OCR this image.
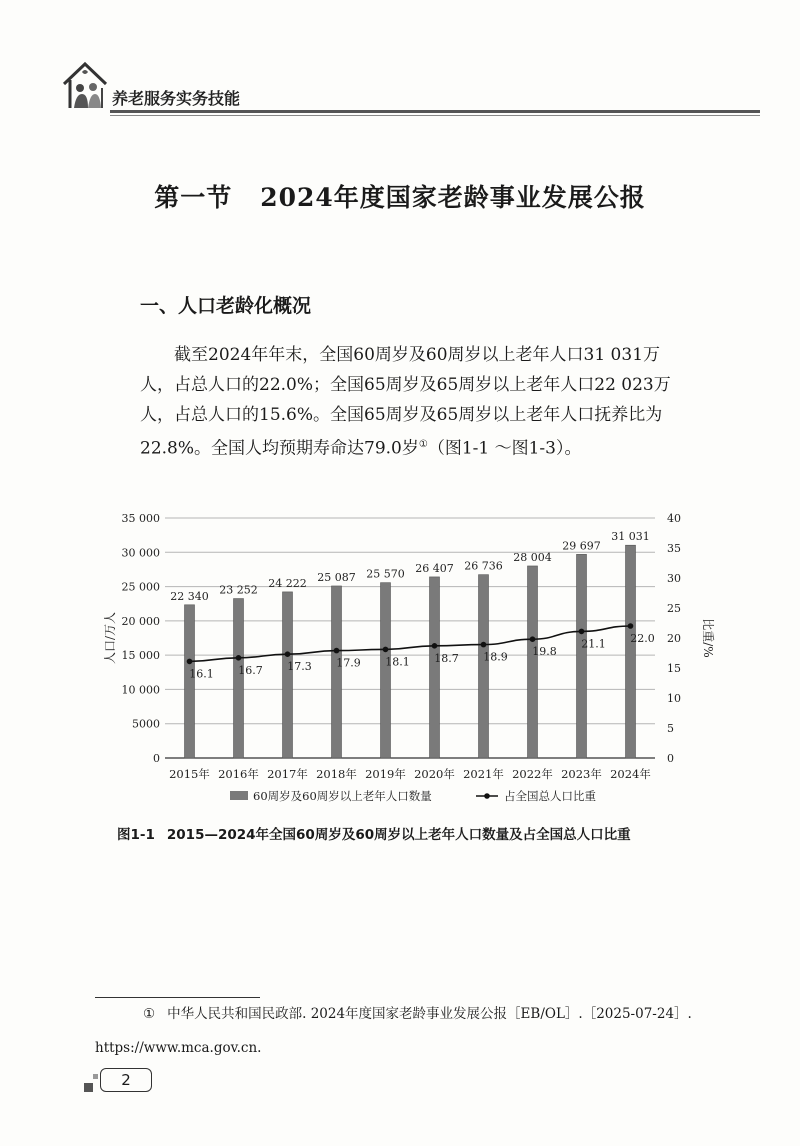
养老服务实务技能
第一节 2024年度国家老龄事业发展公报
一、人口老龄化概况
截至2024年年末，全国60周岁及60周岁以上老年人口31 031万人，占总人口的22.0%；全国65周岁及65周岁以上老年人口22 023万人，占总人口的15.6%。全国65周岁及65周岁以上老年人口抚养比为22.8%。全国人均预期寿命达79.0岁①（图1-1 ～图1-3）。
0
5000
10 000
15 000
20 000
25 000
30 000
35 000
0
5
10
15
20
25
30
35
40
人口/万人	比重/%
22 340 23 252
24 222 25 087 25 570 26 407 26 736
28 004
29 697
31 031
2015年 2016年 2017年 2018年 2019年 2020年 2021年 2022年 2023年 2024年
16.1 16.7 17.3 17.9 18.1 18.7 18.9 19.8
21.1 22.0
60周岁及60周岁以上老年人口数量	占全国总人口比重
图1-1 2015—2024年全国60周岁及60周岁以上老年人口数量及占全国总人口比重
① 中华人民共和国民政部. 2024年度国家老龄事业发展公报［EB/OL］.［2025-07-24］. https://www.mca.gov.cn.
2
